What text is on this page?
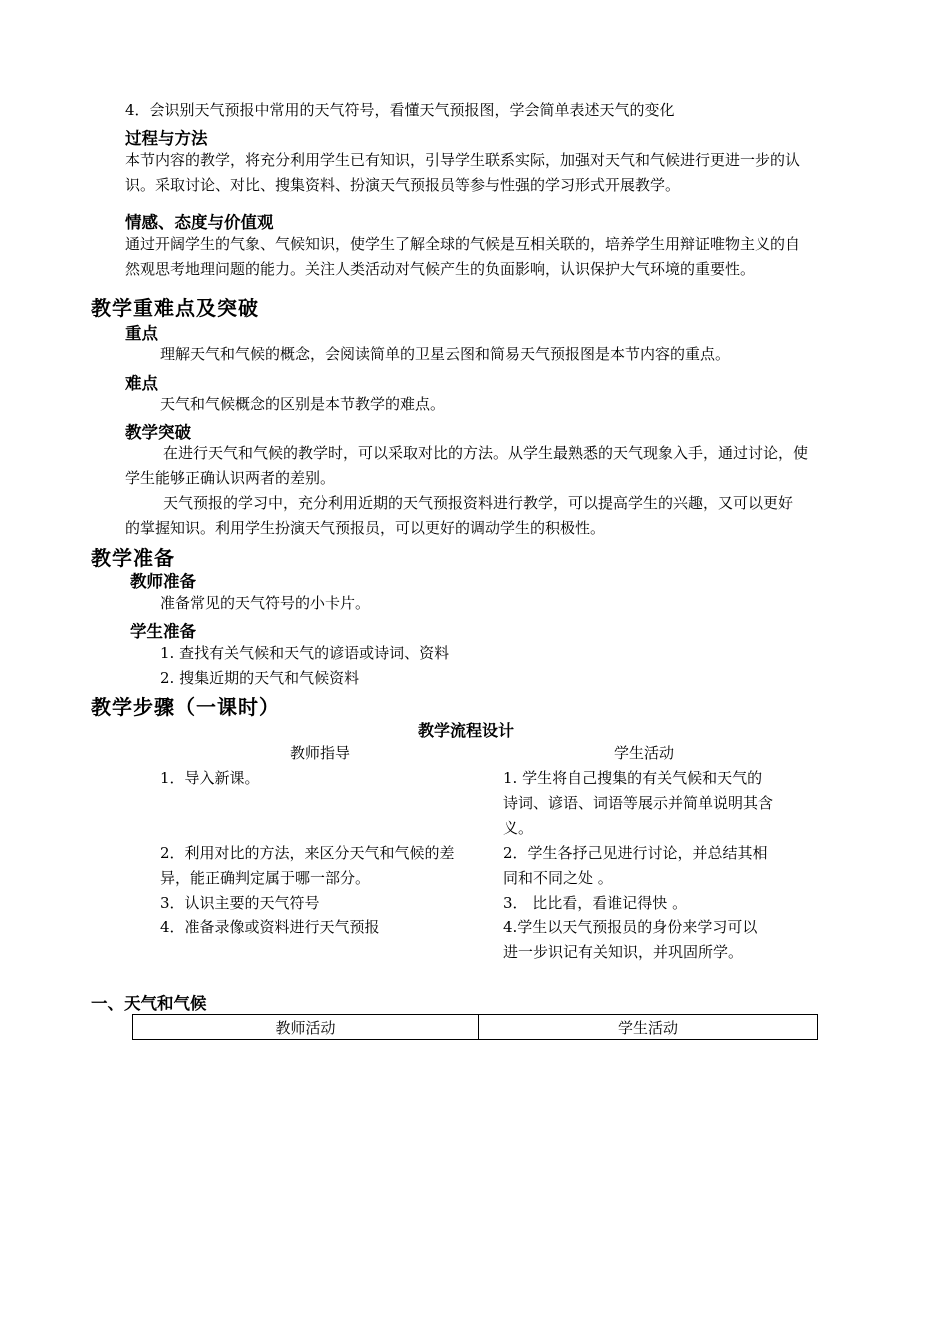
4．会识别天气预报中常用的天气符号，看懂天气预报图，学会简单表述天气的变化
过程与方法
本节内容的教学，将充分利用学生已有知识，引导学生联系实际，加强对天气和气候进行更进一步的认
识。采取讨论、对比、搜集资料、扮演天气预报员等参与性强的学习形式开展教学。
情感、态度与价值观
通过开阔学生的气象、气候知识，使学生了解全球的气候是互相关联的，培养学生用辩证唯物主义的自
然观思考地理问题的能力。关注人类活动对气候产生的负面影响，认识保护大气环境的重要性。
教学重难点及突破
重点
理解天气和气候的概念，会阅读简单的卫星云图和简易天气预报图是本节内容的重点。
难点
天气和气候概念的区别是本节教学的难点。
教学突破
在进行天气和气候的教学时，可以采取对比的方法。从学生最熟悉的天气现象入手，通过讨论，使
学生能够正确认识两者的差别。
天气预报的学习中，充分利用近期的天气预报资料进行教学，可以提高学生的兴趣，又可以更好
的掌握知识。利用学生扮演天气预报员，可以更好的调动学生的积极性。
教学准备
教师准备
准备常见的天气符号的小卡片。
学生准备
1. 查找有关气候和天气的谚语或诗词、资料
2. 搜集近期的天气和气候资料
教学步骤（一课时）
教学流程设计
教师指导	学生活动
1．导入新课。	1. 学生将自己搜集的有关气候和天气的
诗词、谚语、词语等展示并简单说明其含
义。
2．利用对比的方法，来区分天气和气候的差
异，能正确判定属于哪一部分。
2．学生各抒己见进行讨论，并总结其相
同和不同之处 。
3．认识主要的天气符号	3． 比比看，看谁记得快 。
4．准备录像或资料进行天气预报	4.学生以天气预报员的身份来学习可以
进一步识记有关知识，并巩固所学。
一、天气和气候
教师活动	学生活动
